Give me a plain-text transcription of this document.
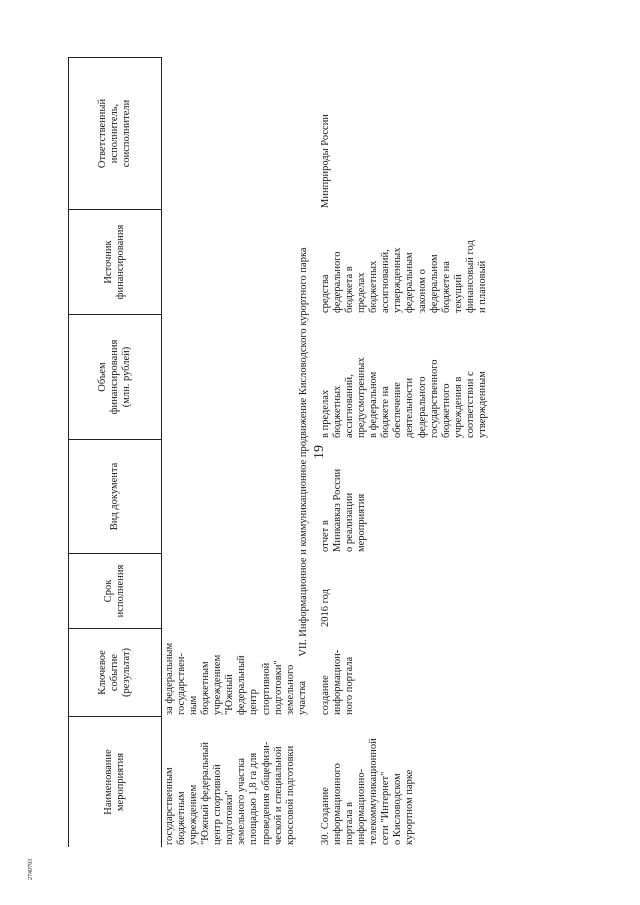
19
2740793
Наименование
мероприятия
Ключевое
событие
(результат)
Срок
исполнения
Вид документа
Объем
финансирования
(млн. рублей)
Источник
финансирования
Ответственный
исполнитель,
соисполнители
государственным
бюджетным
учреждением
"Южный федеральный
центр спортивной
подготовки"
земельного участка
площадью 1,8 га для
проведения общефизи-
ческой и специальной
кроссовой подготовки
за федеральным
государствен-
ным
бюджетным
учреждением
"Южный
федеральный
центр
спортивной
подготовки"
земельного
участка
VII. Информационное и коммуникационное продвижение Кисловодского курортного парка
30. Создание
информационного
портала в
информационно-
телекоммуникационной
сети "Интернет"
о Кисловодском
курортном парке
создание
информацион-
ного портала
2016 год
отчет в
Минкавказ России
о реализации
мероприятия
в пределах
бюджетных
ассигнований,
предусмотренных
в федеральном
бюджете на
обеспечение
деятельности
федерального
государственного
бюджетного
учреждения в
соответствии с
утвержденным
средства
федерального
бюджета в
пределах
бюджетных
ассигнований,
утвержденных
федеральным
законом о
федеральном
бюджете на
текущий
финансовый год
и плановый
Минприроды России
